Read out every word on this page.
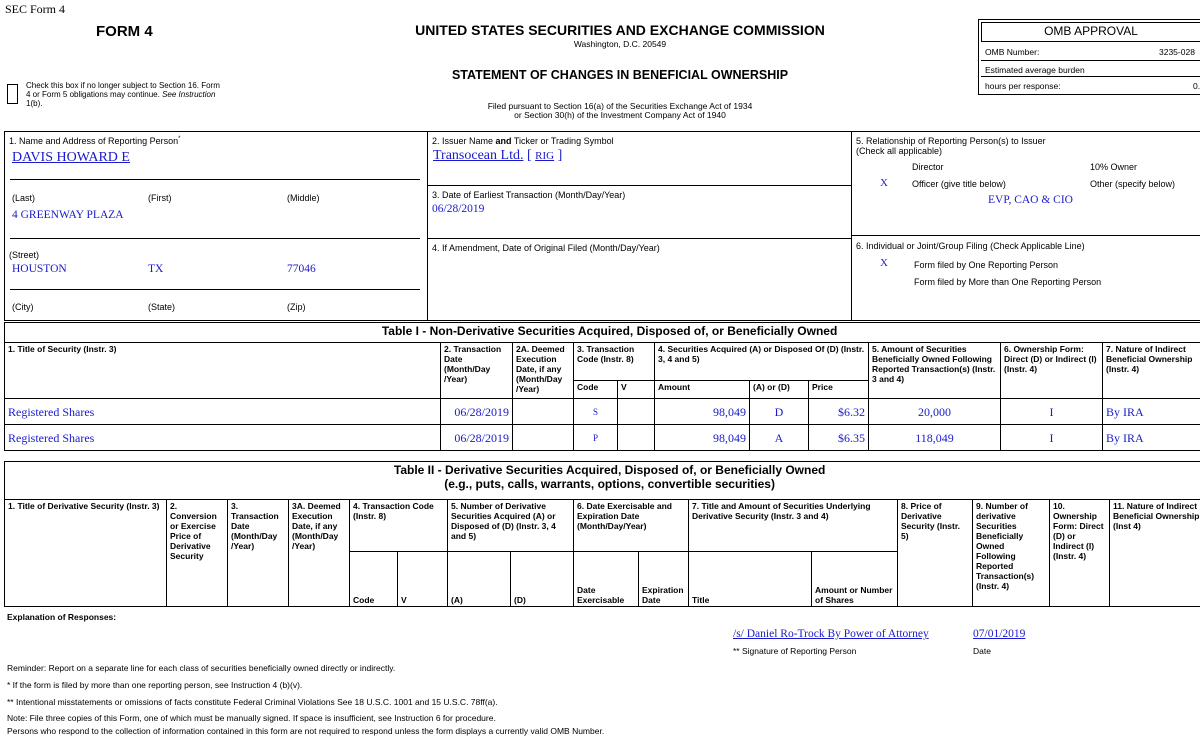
SEC Form 4
FORM 4	UNITED STATES SECURITIES AND EXCHANGE COMMISSION
Washington, D.C. 20549
STATEMENT OF CHANGES IN BENEFICIAL OWNERSHIP
Filed pursuant to Section 16(a) of the Securities Exchange Act of 1934
or Section 30(h) of the Investment Company Act of 1940
Check this box if no longer subject to Section 16. Form
4 or Form 5 obligations may continue. See Instruction
1(b).
OMB APPROVAL
OMB Number:	3235-028
Estimated average burden
hours per response:	0.
1. Name and Address of Reporting Person*
DAVIS HOWARD E
(Last)	(First)	(Middle)
4 GREENWAY PLAZA
(Street)
HOUSTON	TX	77046
(City)	(State)	(Zip)
2. Issuer Name and Ticker or Trading Symbol
Transocean Ltd. [ RIG ]
3. Date of Earliest Transaction (Month/Day/Year)
06/28/2019
4. If Amendment, Date of Original Filed (Month/Day/Year)
5. Relationship of Reporting Person(s) to Issuer
(Check all applicable)
Director	10% Owner
X	Officer (give title below)	Other (specify below)
EVP, CAO & CIO
6. Individual or Joint/Group Filing (Check Applicable Line)
X	Form filed by One Reporting Person
Form filed by More than One Reporting Person
Table I - Non-Derivative Securities Acquired, Disposed of, or Beneficially Owned										
1. Title of Security (Instr. 3)	2. Transaction Date (Month/Day /Year)	2A. Deemed Execution Date, if any (Month/Day /Year)	3. Transaction Code (Instr. 8)		4. Securities Acquired (A) or Disposed Of (D) (Instr. 3, 4 and 5)			5. Amount of Securities Beneficially Owned Following Reported Transaction(s) (Instr. 3 and 4)	6. Ownership Form: Direct (D) or Indirect (I) (Instr. 4)	7. Nature of Indirect Beneficial Ownership (Instr. 4)
			Code	V	Amount	(A) or (D)	Price			
Registered Shares	06/28/2019		S		98,049	D	$6.32	20,000	I	By IRA
Registered Shares	06/28/2019		P		98,049	A	$6.35	118,049	I	By IRA
Table II - Derivative Securities Acquired, Disposed of, or Beneficially Owned
(e.g., puts, calls, warrants, options, convertible securities)															

1. Title of Derivative Security (Instr. 3)	2. Conversion or Exercise Price of Derivative Security	3. Transaction Date (Month/Day /Year)	3A. Deemed Execution Date, if any (Month/Day /Year)	4. Transaction Code (Instr. 8)		5. Number of Derivative Securities Acquired (A) or Disposed of (D) (Instr. 3, 4 and 5)		6. Date Exercisable and Expiration Date (Month/Day/Year)		7. Title and Amount of Securities Underlying Derivative Security (Instr. 3 and 4)		8. Price of Derivative Security (Instr. 5)	9. Number of derivative Securities Beneficially Owned Following Reported Transaction(s) (Instr. 4)	10. Ownership Form: Direct (D) or Indirect (I) (Instr. 4)	11. Nature of Indirect Beneficial Ownership (Inst 4)
				Code	V	(A)	(D)	Date Exercisable	Expiration Date	Title	Amount or Number of Shares				
Explanation of Responses:
/s/ Daniel Ro-Trock By Power of Attorney	07/01/2019
** Signature of Reporting Person	Date
Reminder: Report on a separate line for each class of securities beneficially owned directly or indirectly.
* If the form is filed by more than one reporting person, see Instruction 4 (b)(v).
** Intentional misstatements or omissions of facts constitute Federal Criminal Violations See 18 U.S.C. 1001 and 15 U.S.C. 78ff(a).
Note: File three copies of this Form, one of which must be manually signed. If space is insufficient, see Instruction 6 for procedure.
Persons who respond to the collection of information contained in this form are not required to respond unless the form displays a currently valid OMB Number.
